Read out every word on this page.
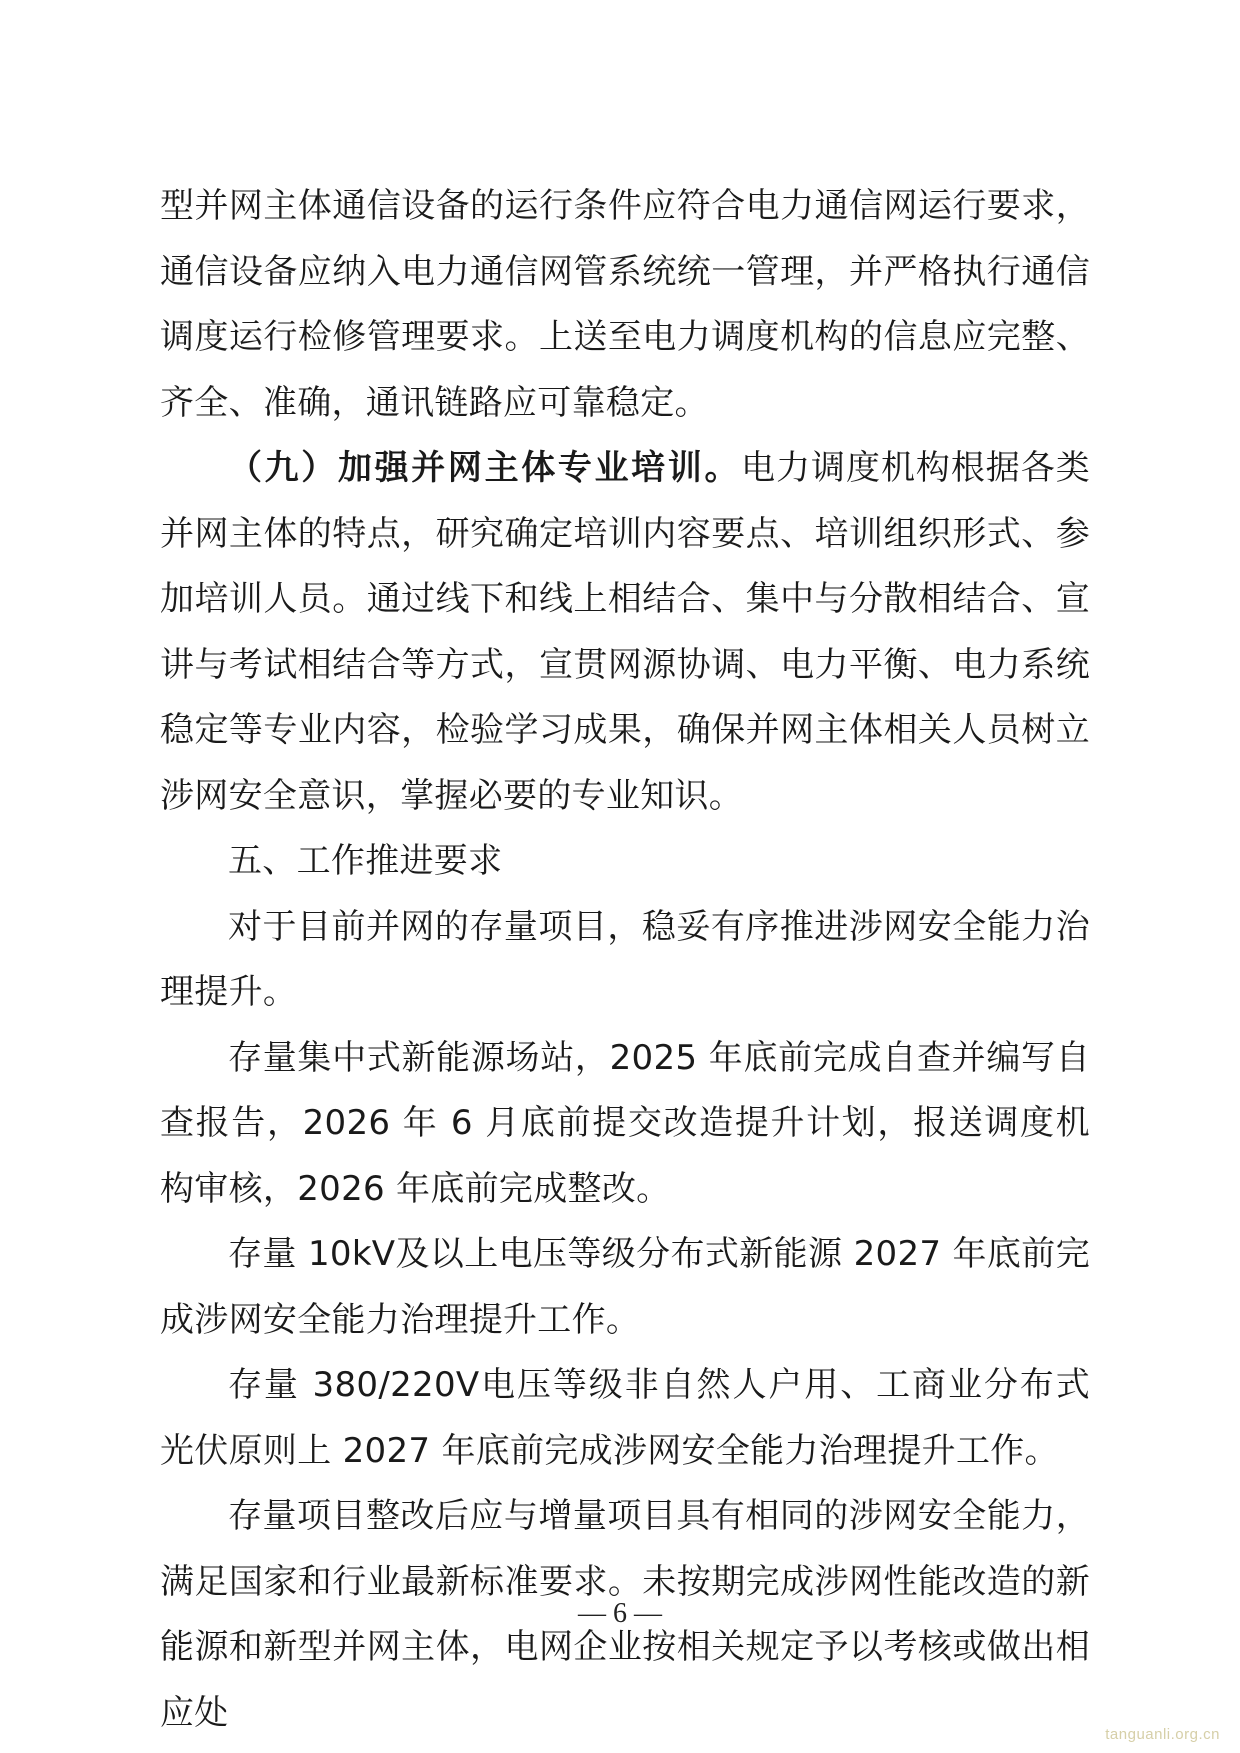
型并网主体通信设备的运行条件应符合电力通信网运行要求，通信设备应纳入电力通信网管系统统一管理，并严格执行通信调度运行检修管理要求。上送至电力调度机构的信息应完整、齐全、准确，通讯链路应可靠稳定。

（九）加强并网主体专业培训。电力调度机构根据各类并网主体的特点，研究确定培训内容要点、培训组织形式、参加培训人员。通过线下和线上相结合、集中与分散相结合、宣讲与考试相结合等方式，宣贯网源协调、电力平衡、电力系统稳定等专业内容，检验学习成果，确保并网主体相关人员树立涉网安全意识，掌握必要的专业知识。

五、工作推进要求

对于目前并网的存量项目，稳妥有序推进涉网安全能力治理提升。

存量集中式新能源场站，2025 年底前完成自查并编写自查报告，2026 年 6 月底前提交改造提升计划，报送调度机构审核，2026 年底前完成整改。

存量 10kV及以上电压等级分布式新能源 2027 年底前完成涉网安全能力治理提升工作。

存量 380/220V电压等级非自然人户用、工商业分布式光伏原则上 2027 年底前完成涉网安全能力治理提升工作。

存量项目整改后应与增量项目具有相同的涉网安全能力，满足国家和行业最新标准要求。未按期完成涉网性能改造的新能源和新型并网主体，电网企业按相关规定予以考核或做出相应处

— 6 —
tanguanli.org.cn
